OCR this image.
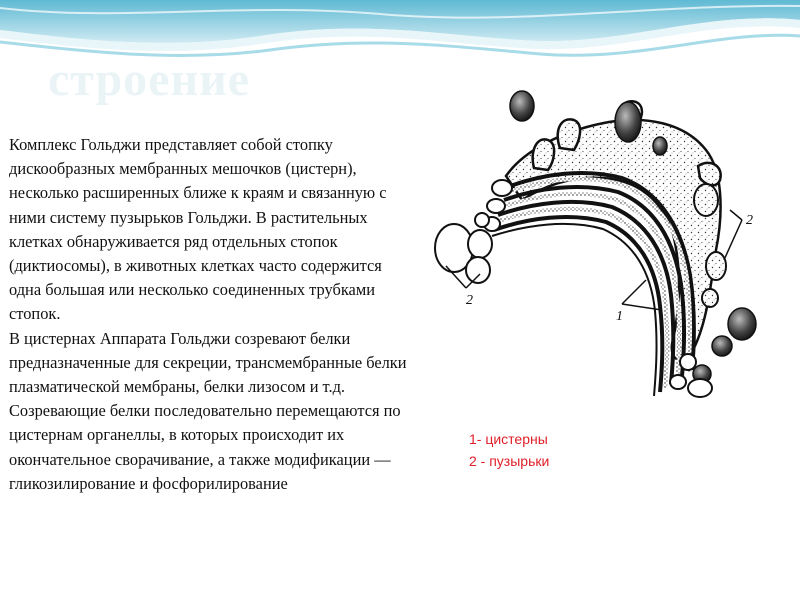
строение

Комплекс Гольджи представляет собой стопку дискообразных мембранных мешочков (цистерн), несколько расширенных ближе к краям и связанную с ними систему пузырьков Гольджи. В растительных клетках обнаруживается ряд отдельных стопок (диктиосомы), в животных клетках часто содержится одна большая или несколько соединенных трубками стопок.

В цистернах Аппарата Гольджи созревают белки предназначенные для секреции, трансмембранные белки плазматической мембраны, белки лизосом и т.д. Созревающие белки последовательно перемещаются по цистернам органеллы, в которых происходит их окончательное сворачивание, а также модификации — гликозилирование и фосфорилирование

2
2
1
1- цистерны
2 - пузырьки
